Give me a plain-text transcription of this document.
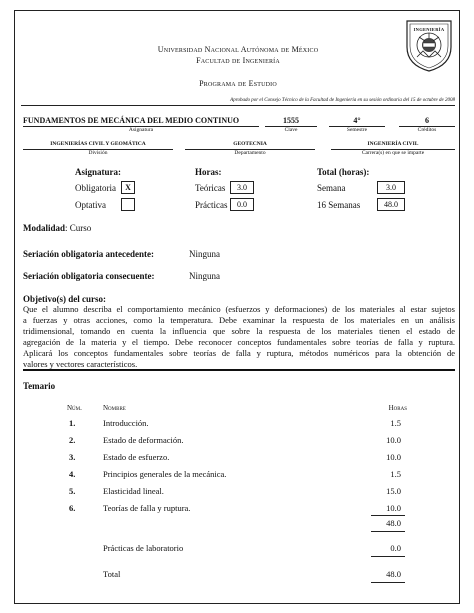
Universidad Nacional Autónoma de México
Facultad de Ingeniería
Programa de Estudio
INGENIERÍA
Aprobado por el Consejo Técnico de la Facultad de Ingeniería en su sesión ordinaria del 15 de octubre de 2008
FUNDAMENTOS DE MECÁNICA DEL MEDIO CONTINUO	1555	4°	6
Asignatura	Clave	Semestre	Créditos
INGENIERÍAS CIVIL Y GEOMÁTICA	GEOTECNIA	INGENIERÍA CIVIL
División	Departamento	Carrera(s) en que se imparte
Asignatura:
Obligatoria	X
Optativa
Horas:
Teóricas	3.0
Prácticas	0.0
Total (horas):
Semana	3.0
16 Semanas	48.0
Modalidad: Curso
Seriación obligatoria antecedente:	Ninguna
Seriación obligatoria consecuente:	Ninguna
Objetivo(s) del curso:
Que el alumno describa el comportamiento mecánico (esfuerzos y deformaciones) de los materiales al estar sujetos
a fuerzas y otras acciones, como la temperatura. Debe examinar la respuesta de los materiales en un análisis
tridimensional, tomando en cuenta la influencia que sobre la respuesta de los materiales tienen el estado de
agregación de la materia y el tiempo. Debe reconocer conceptos fundamentales sobre teorías de falla y ruptura.
Aplicará los conceptos fundamentales sobre teorías de falla y ruptura, métodos numéricos para la obtención de
valores y vectores característicos.
Temario
Núm.	Nombre	Horas
1.	Introducción.	1.5
2.	Estado de deformación.	10.0
3.	Estado de esfuerzo.	10.0
4.	Principios generales de la mecánica.	1.5
5.	Elasticidad lineal.	15.0
6.	Teorías de falla y ruptura.	10.0
48.0
Prácticas de laboratorio	0.0
Total	48.0
